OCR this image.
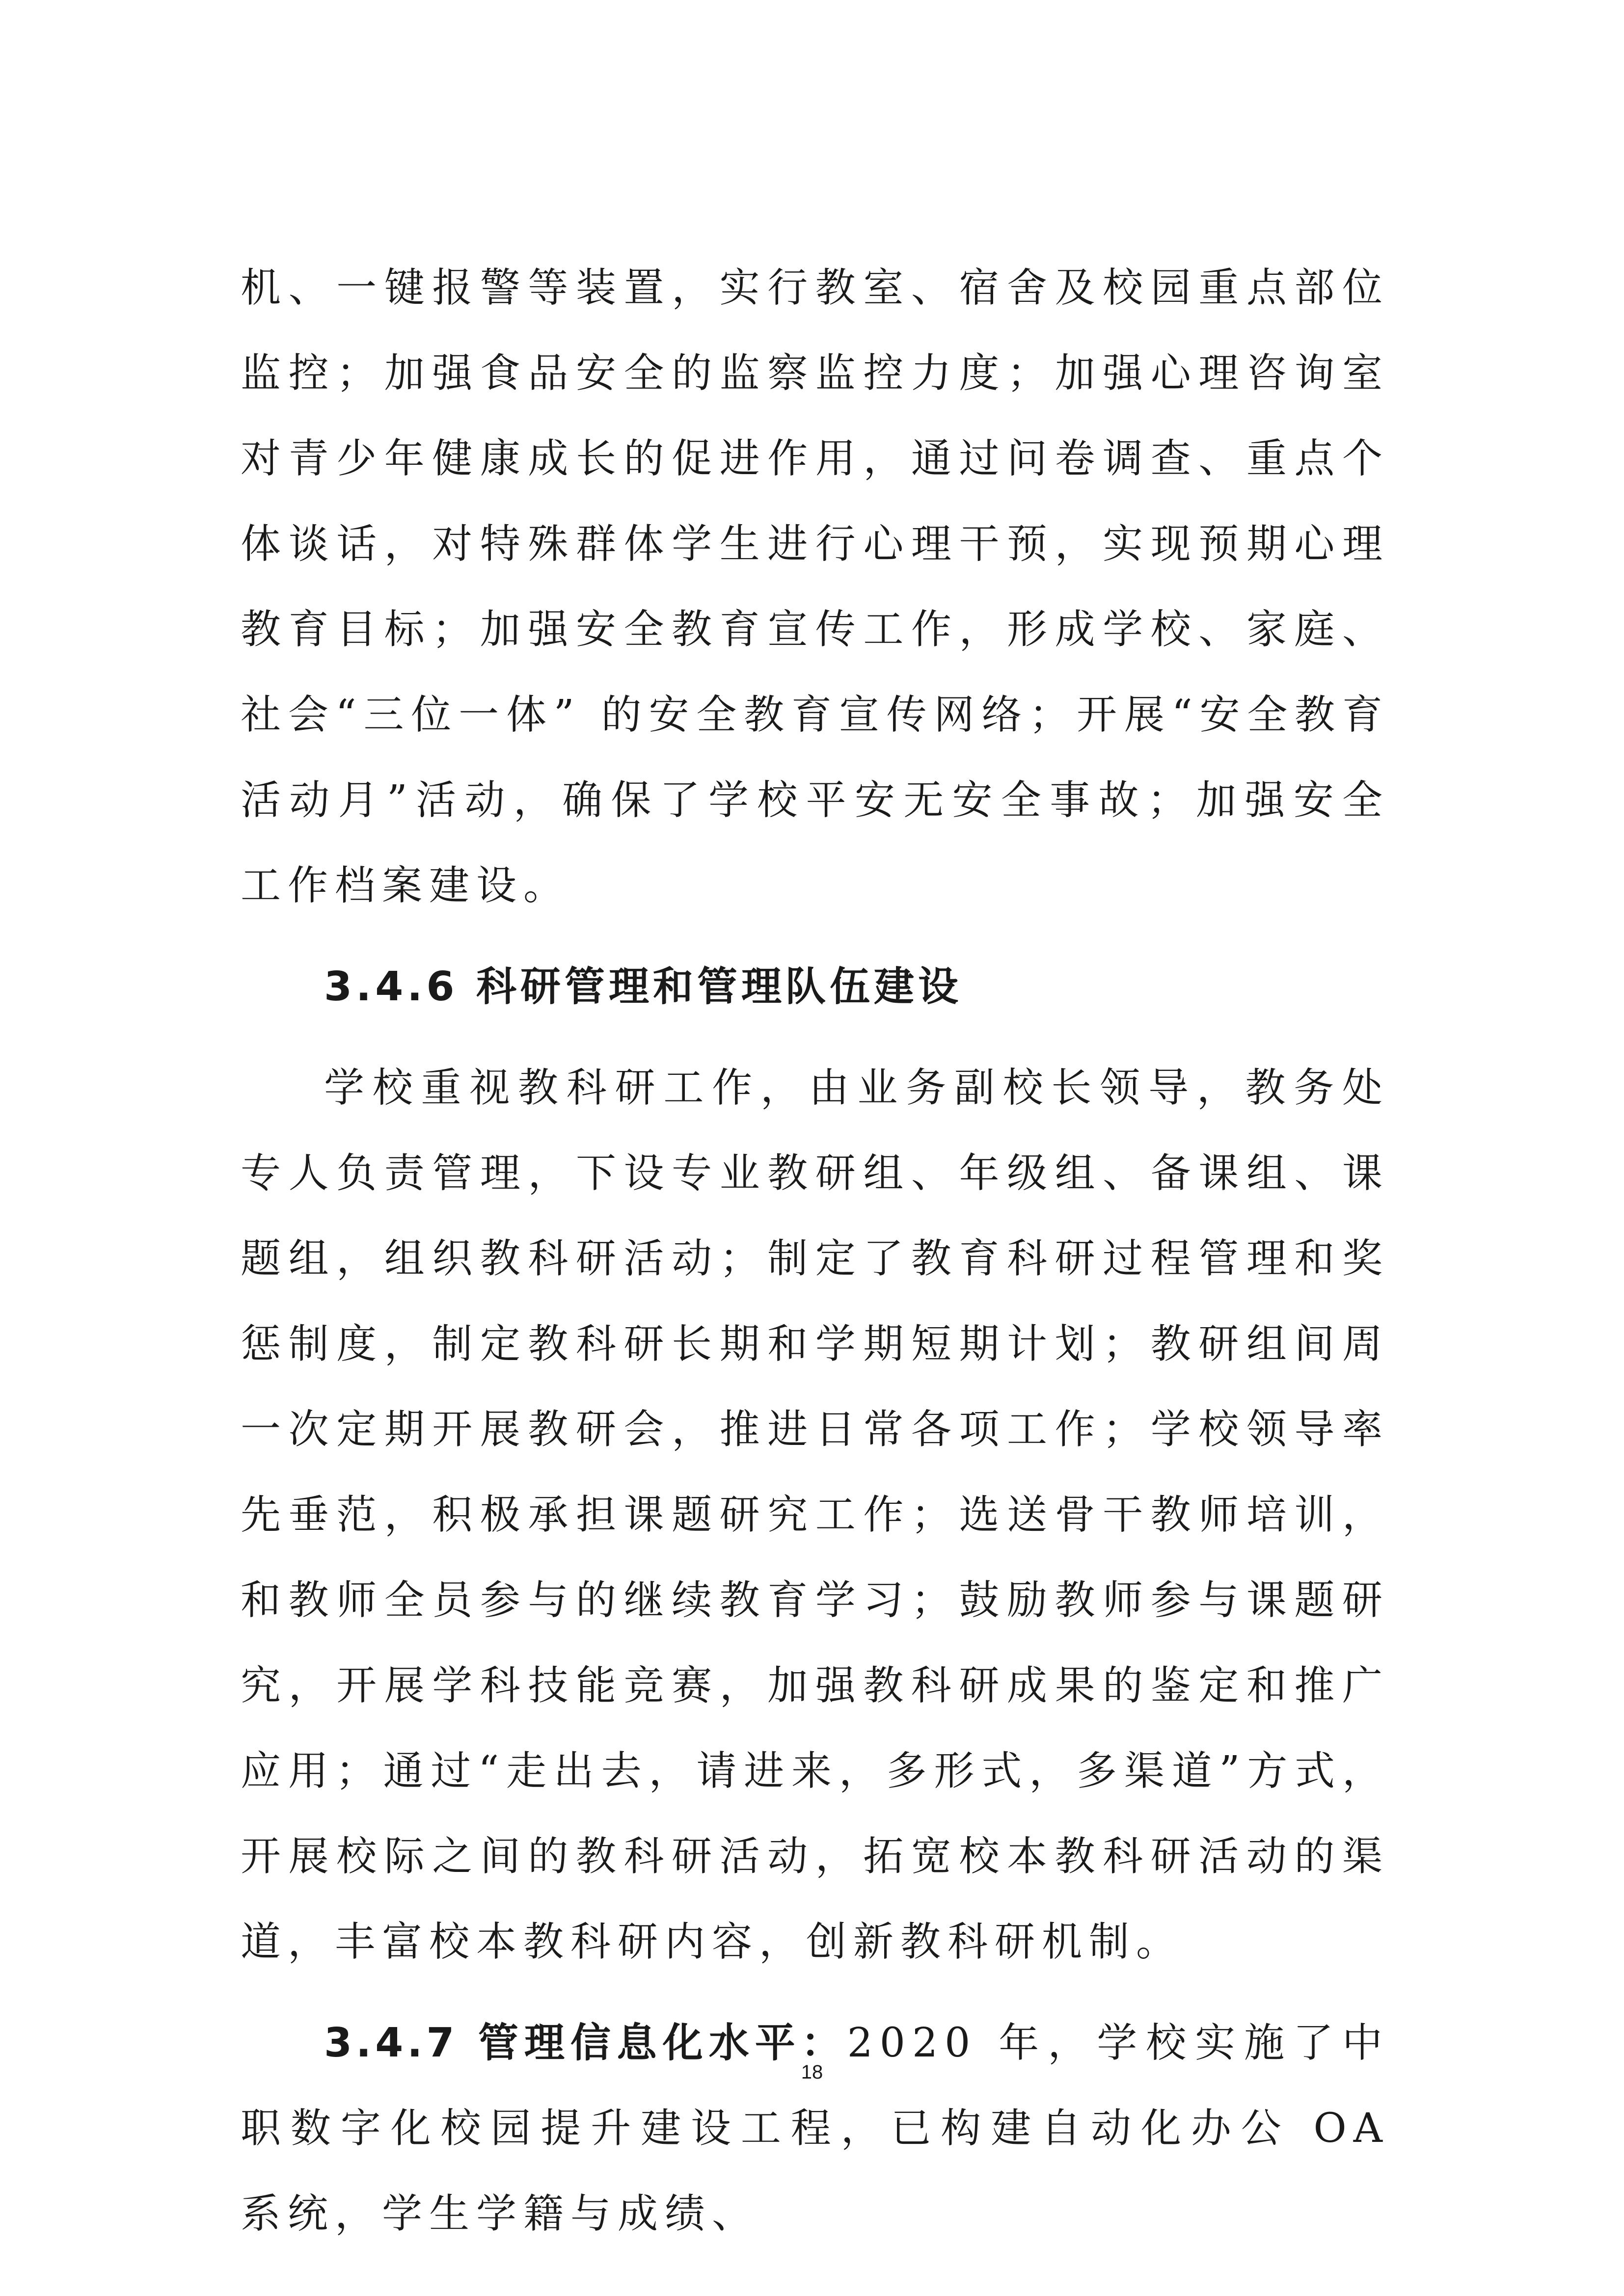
机、一键报警等装置，实行教室、宿舍及校园重点部位监控；加强食品安全的监察监控力度；加强心理咨询室对青少年健康成长的促进作用，通过问卷调查、重点个体谈话，对特殊群体学生进行心理干预，实现预期心理教育目标；加强安全教育宣传工作，形成学校、家庭、社会“三位一体” 的安全教育宣传网络；开展“安全教育活动月”活动，确保了学校平安无安全事故；加强安全工作档案建设。

3.4.6 科研管理和管理队伍建设

学校重视教科研工作，由业务副校长领导，教务处专人负责管理，下设专业教研组、年级组、备课组、课题组，组织教科研活动；制定了教育科研过程管理和奖惩制度，制定教科研长期和学期短期计划；教研组间周一次定期开展教研会，推进日常各项工作；学校领导率先垂范，积极承担课题研究工作；选送骨干教师培训，和教师全员参与的继续教育学习；鼓励教师参与课题研究，开展学科技能竞赛，加强教科研成果的鉴定和推广应用；通过“走出去，请进来，多形式，多渠道”方式，开展校际之间的教科研活动，拓宽校本教科研活动的渠道，丰富校本教科研内容，创新教科研机制。

3.4.7 管理信息化水平：2020 年，学校实施了中职数字化校园提升建设工程，已构建自动化办公 OA 系统，学生学籍与成绩、

18
